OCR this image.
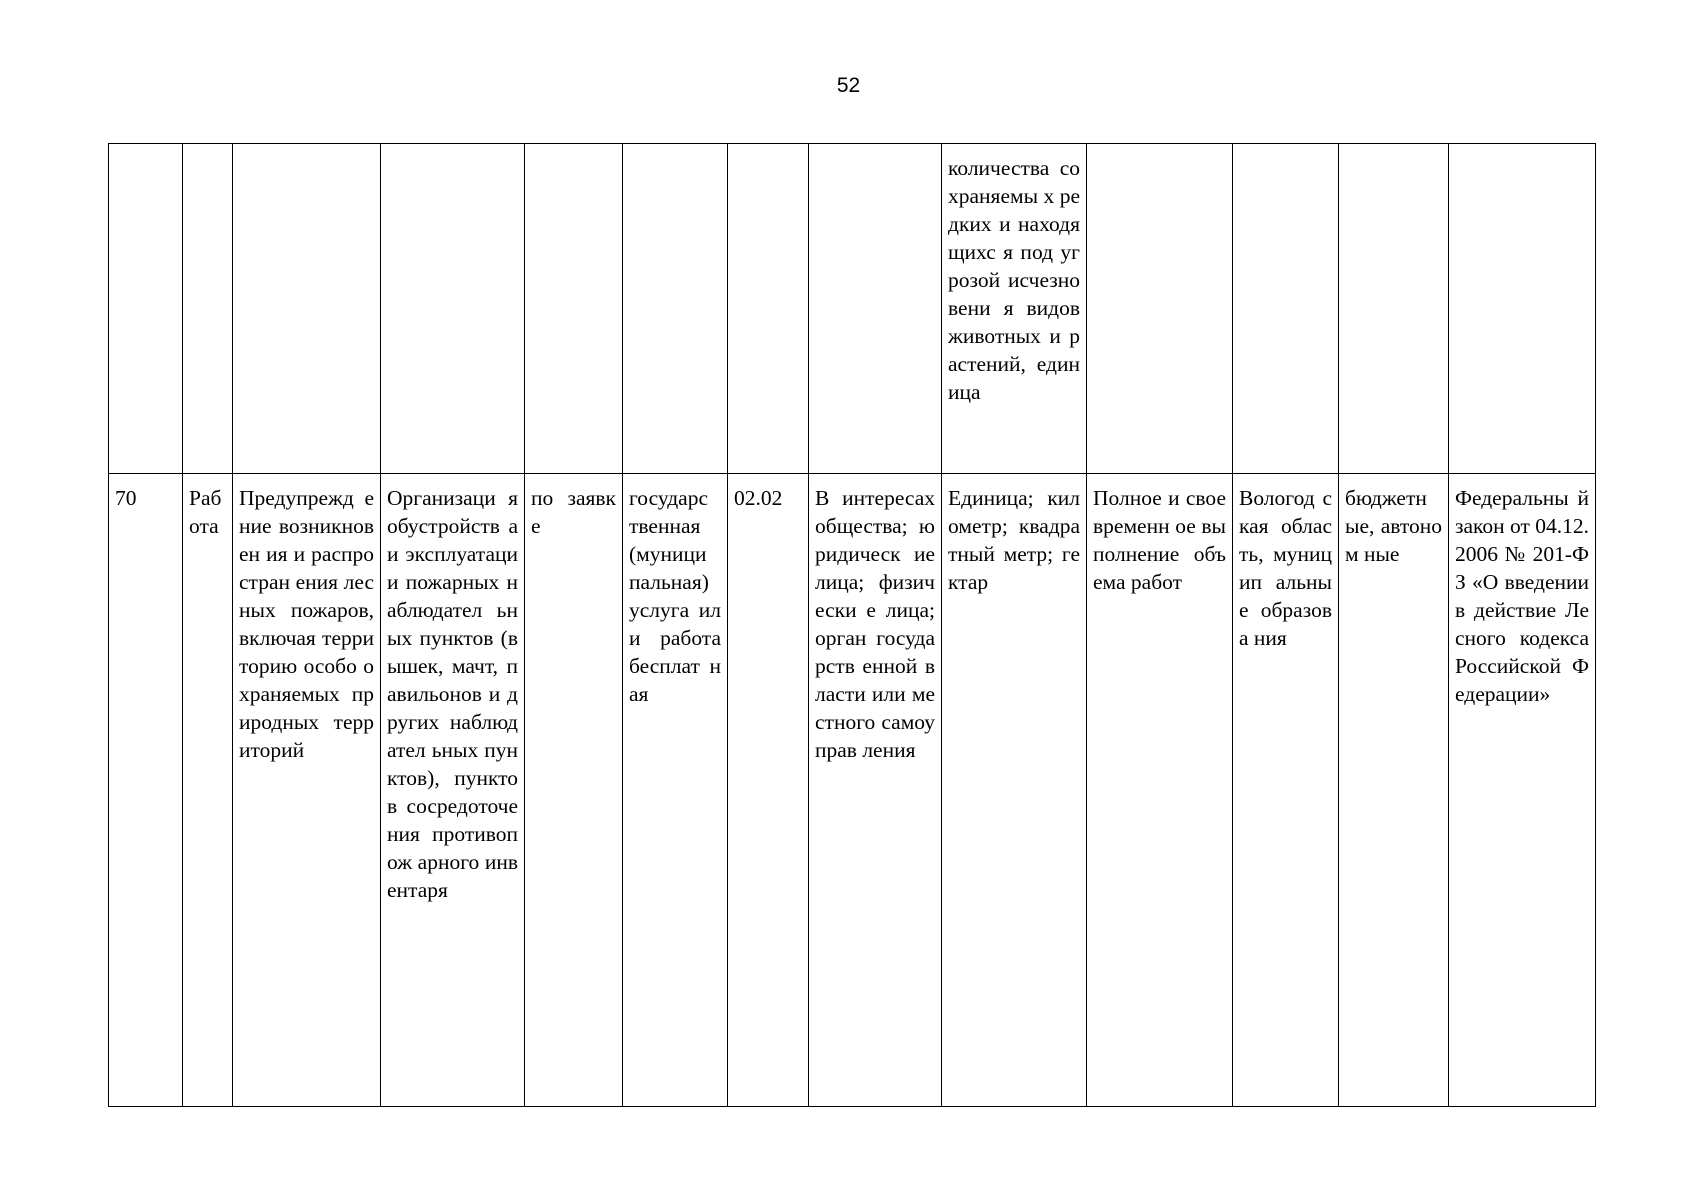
52

								количества сохраняемы х редких и находящихс я под угрозой исчезновени я видов животных и растений, единица				

70	Раб ота	Предупрежд ение возникновен ия и распростран ения лесных пожаров, включая территорию особо охраняемых природных территорий	Организаци я обустройств а и эксплуатаци и пожарных наблюдател ьных пунктов (вышек, мачт, павильонов и других наблюдател ьных пунктов), пунктов сосредоточе ния противопож арного инвентаря	по заявке	государс твенная (муници пальная) услуга или работа бесплат ная	02.02	В интересах общества; юридическ ие лица; физически е лица; орган государств енной власти или местного самоуправ ления	Единица; километр; квадратный метр; гектар	Полное и своевременн ое выполнение объема работ	Вологод ская область, муницип альные образова ния	бюджетн ые, автоном ные	Федеральны й закон от 04.12.2006 № 201-ФЗ «О введении в действие Лесного кодекса Российской Федерации»
